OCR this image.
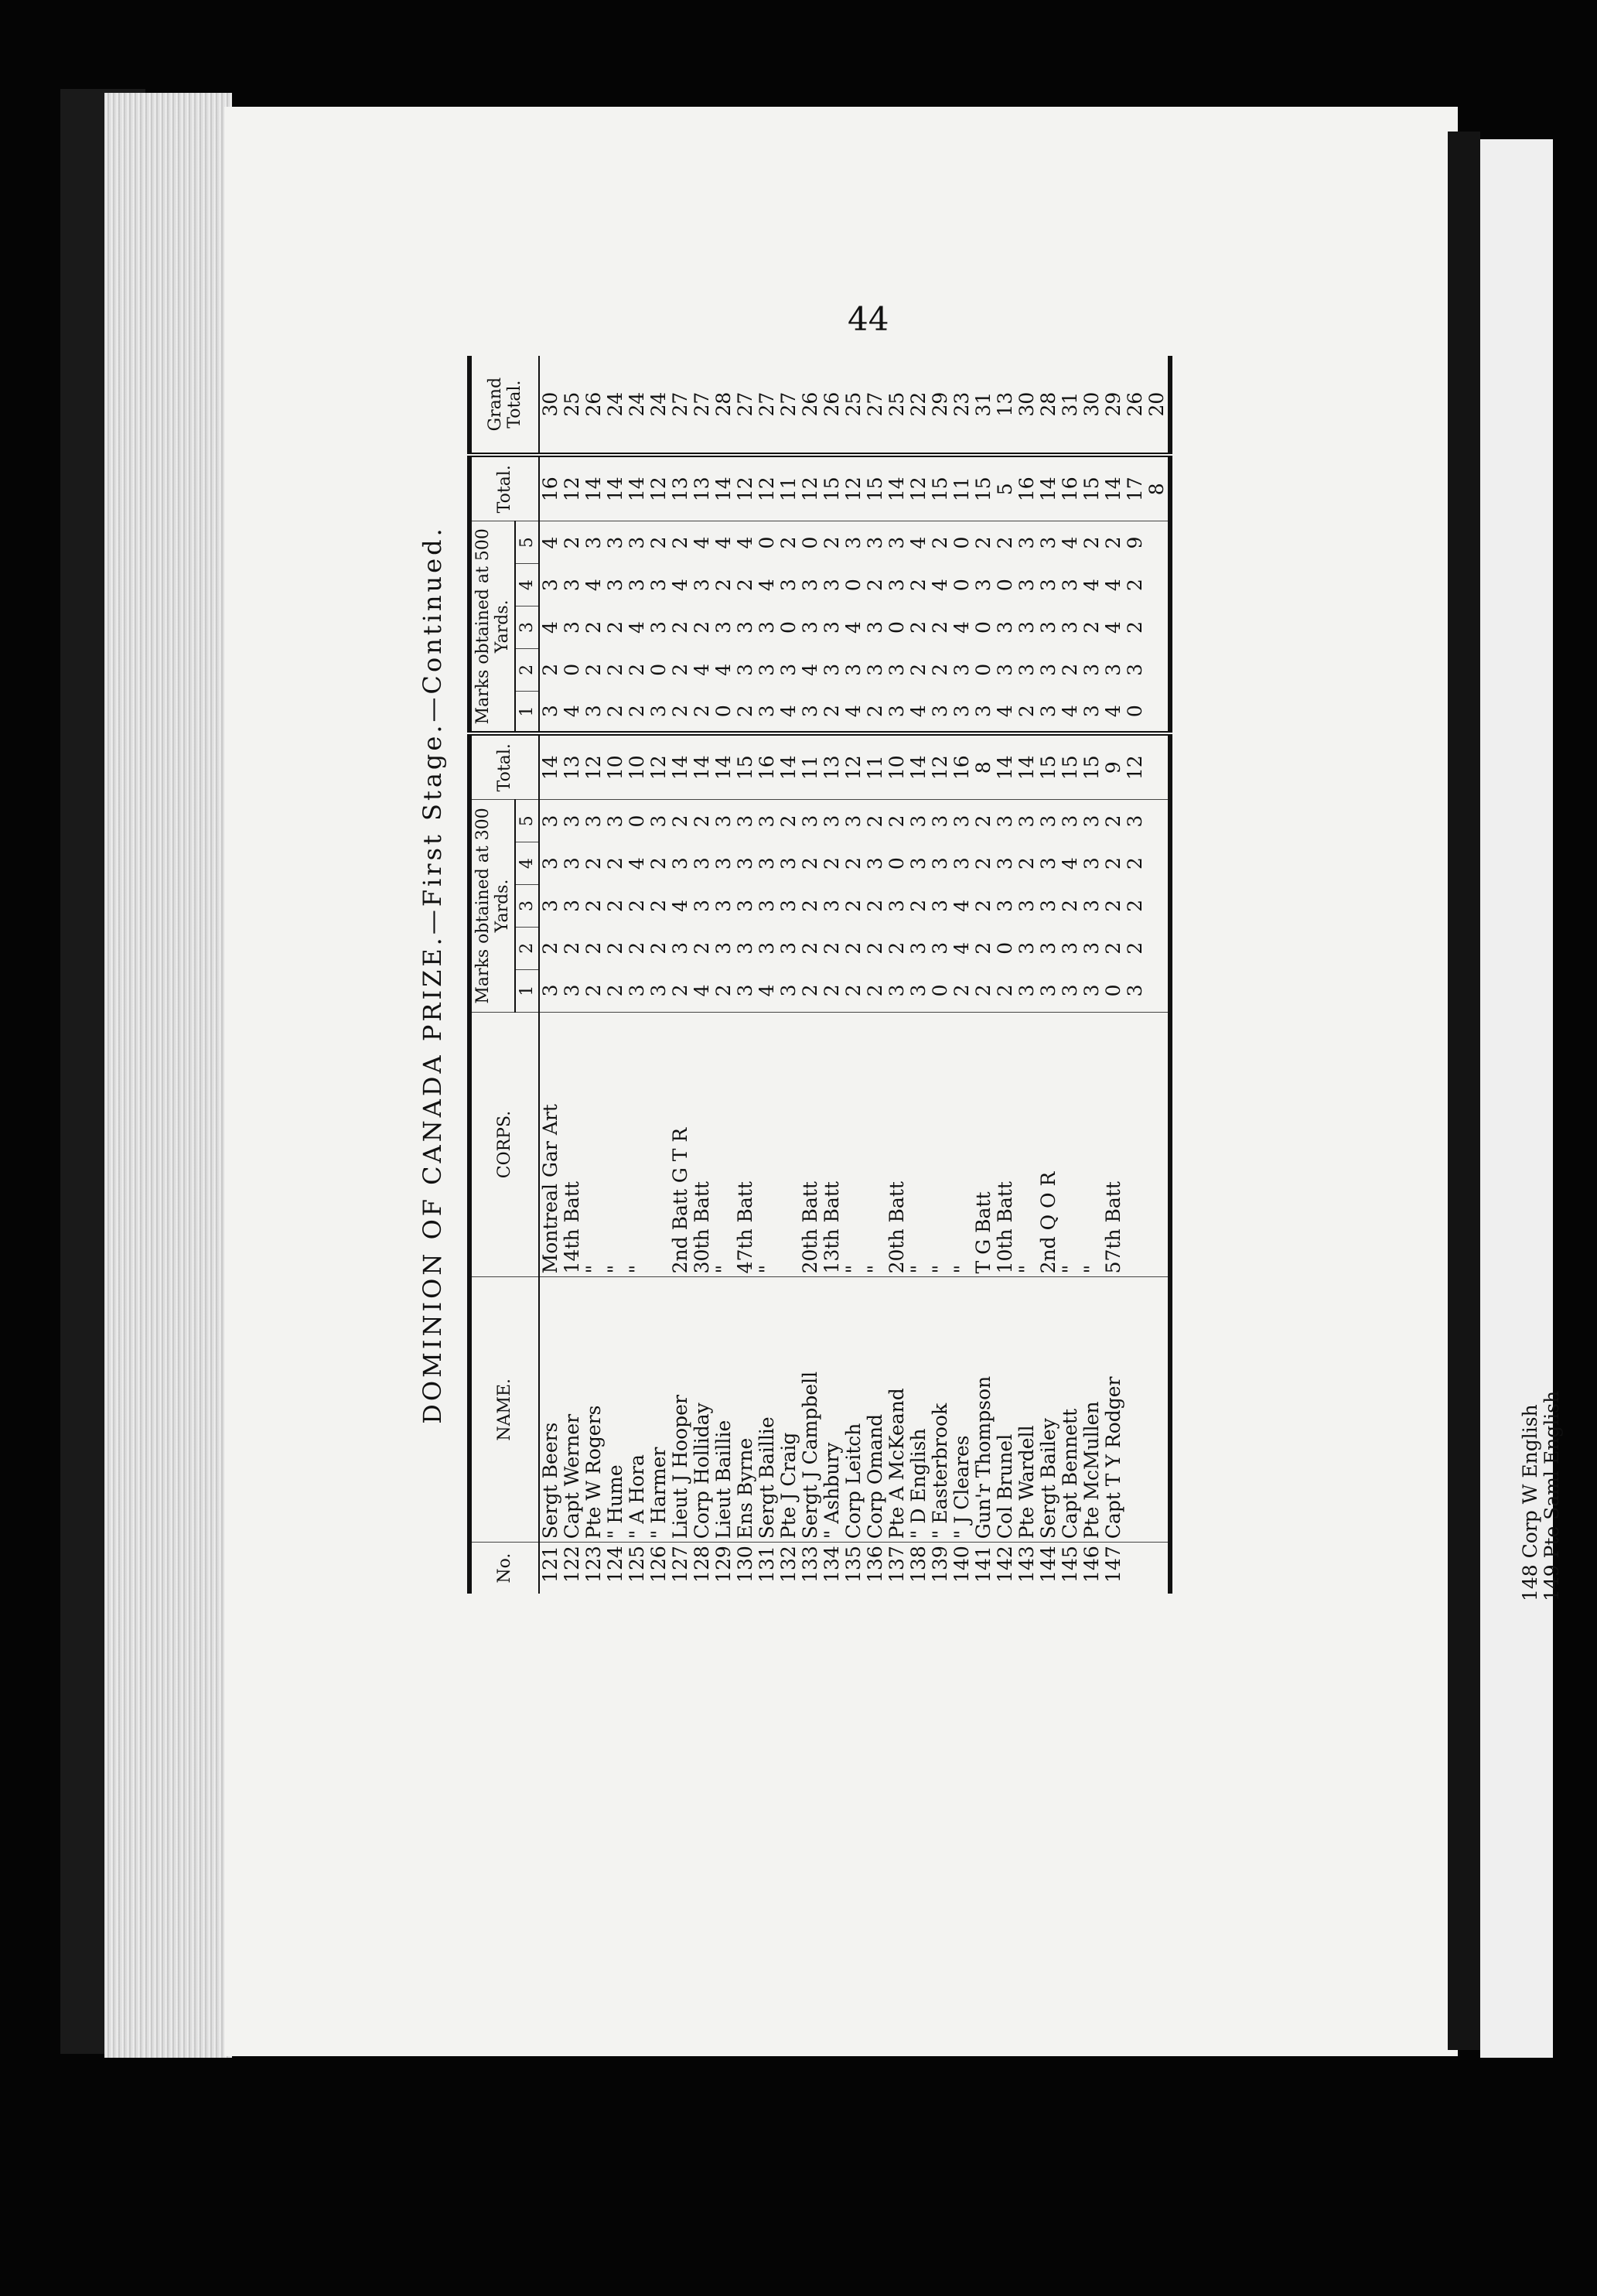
44
DOMINION OF CANADA PRIZE.—First Stage.—Continued.
No.	NAME.	CORPS.	Marks obtained at 300 Yards.					Total.	Marks obtained at 500 Yards.					Total.	Grand Total.
			1	2	3	4	5		1	2	3	4	5		
121	Sergt Beers	Montreal Gar Art	3	2	3	3	3	14	3	2	4	3	4	16	30
122	Capt Werner	14th Batt	3	2	3	3	3	13	4	0	3	3	2	12	25
123	Pte W Rogers	"	2	2	2	2	3	12	3	2	2	4	3	14	26
124	" Hume	"	2	2	2	2	3	10	2	2	2	3	3	14	24
125	" A Hora	"	3	2	2	4	0	10	2	2	4	3	3	14	24
126	" Harmer		3	2	2	2	3	12	3	0	3	3	2	12	24
127	Lieut J Hooper	2nd Batt G T R	2	3	4	3	2	14	2	2	2	4	2	13	27
128	Corp Holliday	30th Batt	4	2	3	3	2	14	2	4	2	3	4	13	27
129	Lieut Baillie	"	2	3	3	3	3	14	0	4	3	2	4	14	28
130	Ens Byrne	47th Batt	3	3	3	3	3	15	2	3	3	2	4	12	27
131	Sergt Baillie	"	4	3	3	3	3	16	3	3	3	4	0	12	27
132	Pte J Craig		3	3	3	3	2	14	4	3	0	3	2	11	27
133	Sergt J Campbell	20th Batt	2	2	2	2	3	11	3	4	3	3	0	12	26
134	" Ashbury	13th Batt	2	2	3	2	3	13	2	3	3	3	2	15	26
135	Corp Leitch	"	2	2	2	2	3	12	4	3	4	0	3	12	25
136	Corp Omand	"	2	2	2	3	2	11	2	3	3	2	3	15	27
137	Pte A McKeand	20th Batt	3	2	3	0	2	10	3	3	0	3	3	14	25
138	" D English	"	3	3	2	3	3	14	4	2	2	2	4	12	22
139	" Easterbrook	"	0	3	3	3	3	12	3	2	2	4	2	15	29
140	" J Cleares	"	2	4	4	3	3	16	3	3	4	0	0	11	23
141	Gun'r Thompson	T G Batt	2	2	2	2	2	8	3	0	0	3	2	15	31
142	Col Brunel	10th Batt	2	0	3	3	3	14	4	3	3	0	2	5	13
143	Pte Wardell	"	3	3	3	2	3	14	2	3	3	3	3	16	30
144	Sergt Bailey	2nd Q O R	3	3	3	3	3	15	3	3	3	3	3	14	28
145	Capt Bennett	"	3	3	2	4	3	15	4	2	3	3	4	16	31
146	Pte McMullen	"	3	3	3	3	3	15	3	3	2	4	2	15	30
147	Capt T Y Rodger	57th Batt	0	2	2	2	2	9	4	3	4	4	2	14	29
			3	2	2	2	3	12	0	3	2	2	9	17	26
														8	20
148 Corp W English
149 Pte Saml English
